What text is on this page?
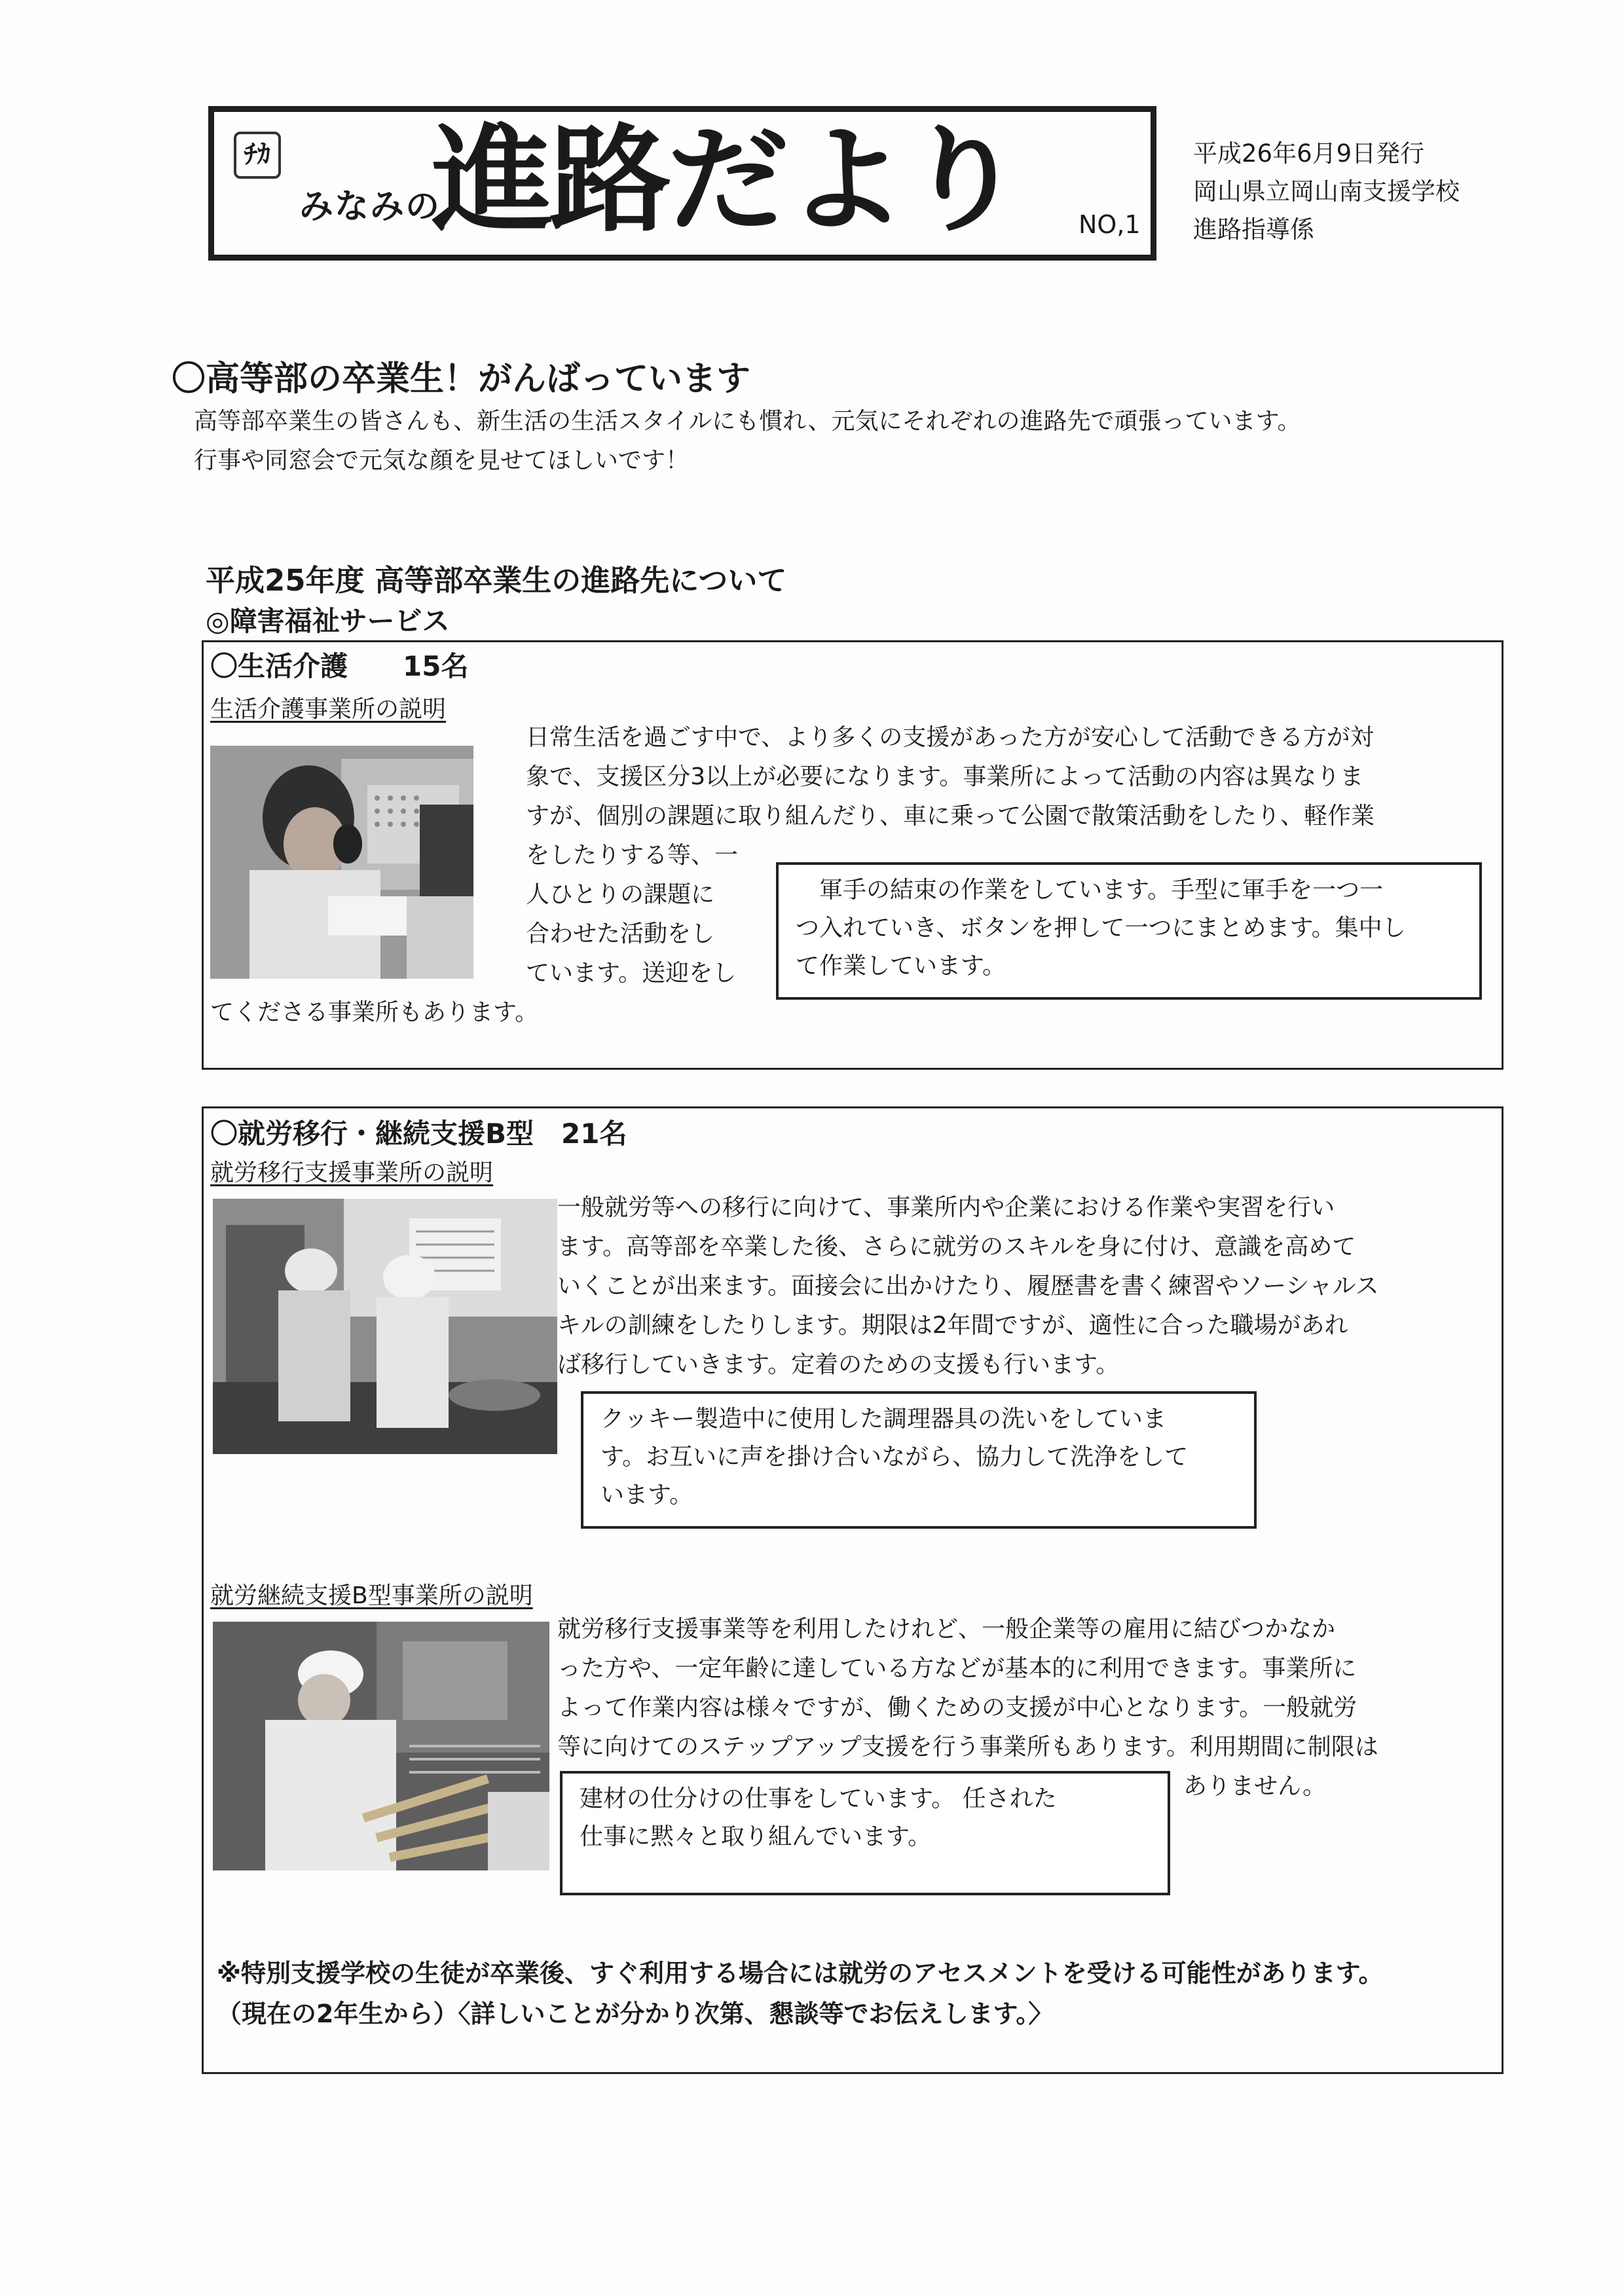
ﾁｶ
みなみの
進路だより NO,1
平成26年6月9日発行
岡山県立岡山南支援学校
進路指導係
〇高等部の卒業生！がんばっています
高等部卒業生の皆さんも、新生活の生活スタイルにも慣れ、元気にそれぞれの進路先で頑張っています。
行事や同窓会で元気な顔を見せてほしいです！
平成25年度 高等部卒業生の進路先について
◎障害福祉サービス
〇生活介護　　15名
生活介護事業所の説明
日常生活を過ごす中で、より多くの支援があった方が安心して活動できる方が対
象で、支援区分3以上が必要になります。事業所によって活動の内容は異なりま
すが、個別の課題に取り組んだり、車に乗って公園で散策活動をしたり、軽作業
をしたりする等、一
人ひとりの課題に
合わせた活動をし
ています。送迎をし
てくださる事業所もあります。
　軍手の結束の作業をしています。手型に軍手を一つ一
つ入れていき、ボタンを押して一つにまとめます。集中し
て作業しています。
〇就労移行・継続支援B型　21名
就労移行支援事業所の説明
一般就労等への移行に向けて、事業所内や企業における作業や実習を行い
ます。高等部を卒業した後、さらに就労のスキルを身に付け、意識を高めて
いくことが出来ます。面接会に出かけたり、履歴書を書く練習やソーシャルス
キルの訓練をしたりします。期限は2年間ですが、適性に合った職場があれ
ば移行していきます。定着のための支援も行います。
クッキー製造中に使用した調理器具の洗いをしていま
す。お互いに声を掛け合いながら、協力して洗浄をして
います。
就労継続支援B型事業所の説明
就労移行支援事業等を利用したけれど、一般企業等の雇用に結びつかなか
った方や、一定年齢に達している方などが基本的に利用できます。事業所に
よって作業内容は様々ですが、働くための支援が中心となります。一般就労
等に向けてのステップアップ支援を行う事業所もあります。利用期間に制限は
ありません。
建材の仕分けの仕事をしています。 任された
仕事に黙々と取り組んでいます。
※特別支援学校の生徒が卒業後、すぐ利用する場合には就労のアセスメントを受ける可能性があります。
（現在の2年生から）〈詳しいことが分かり次第、懇談等でお伝えします。〉
